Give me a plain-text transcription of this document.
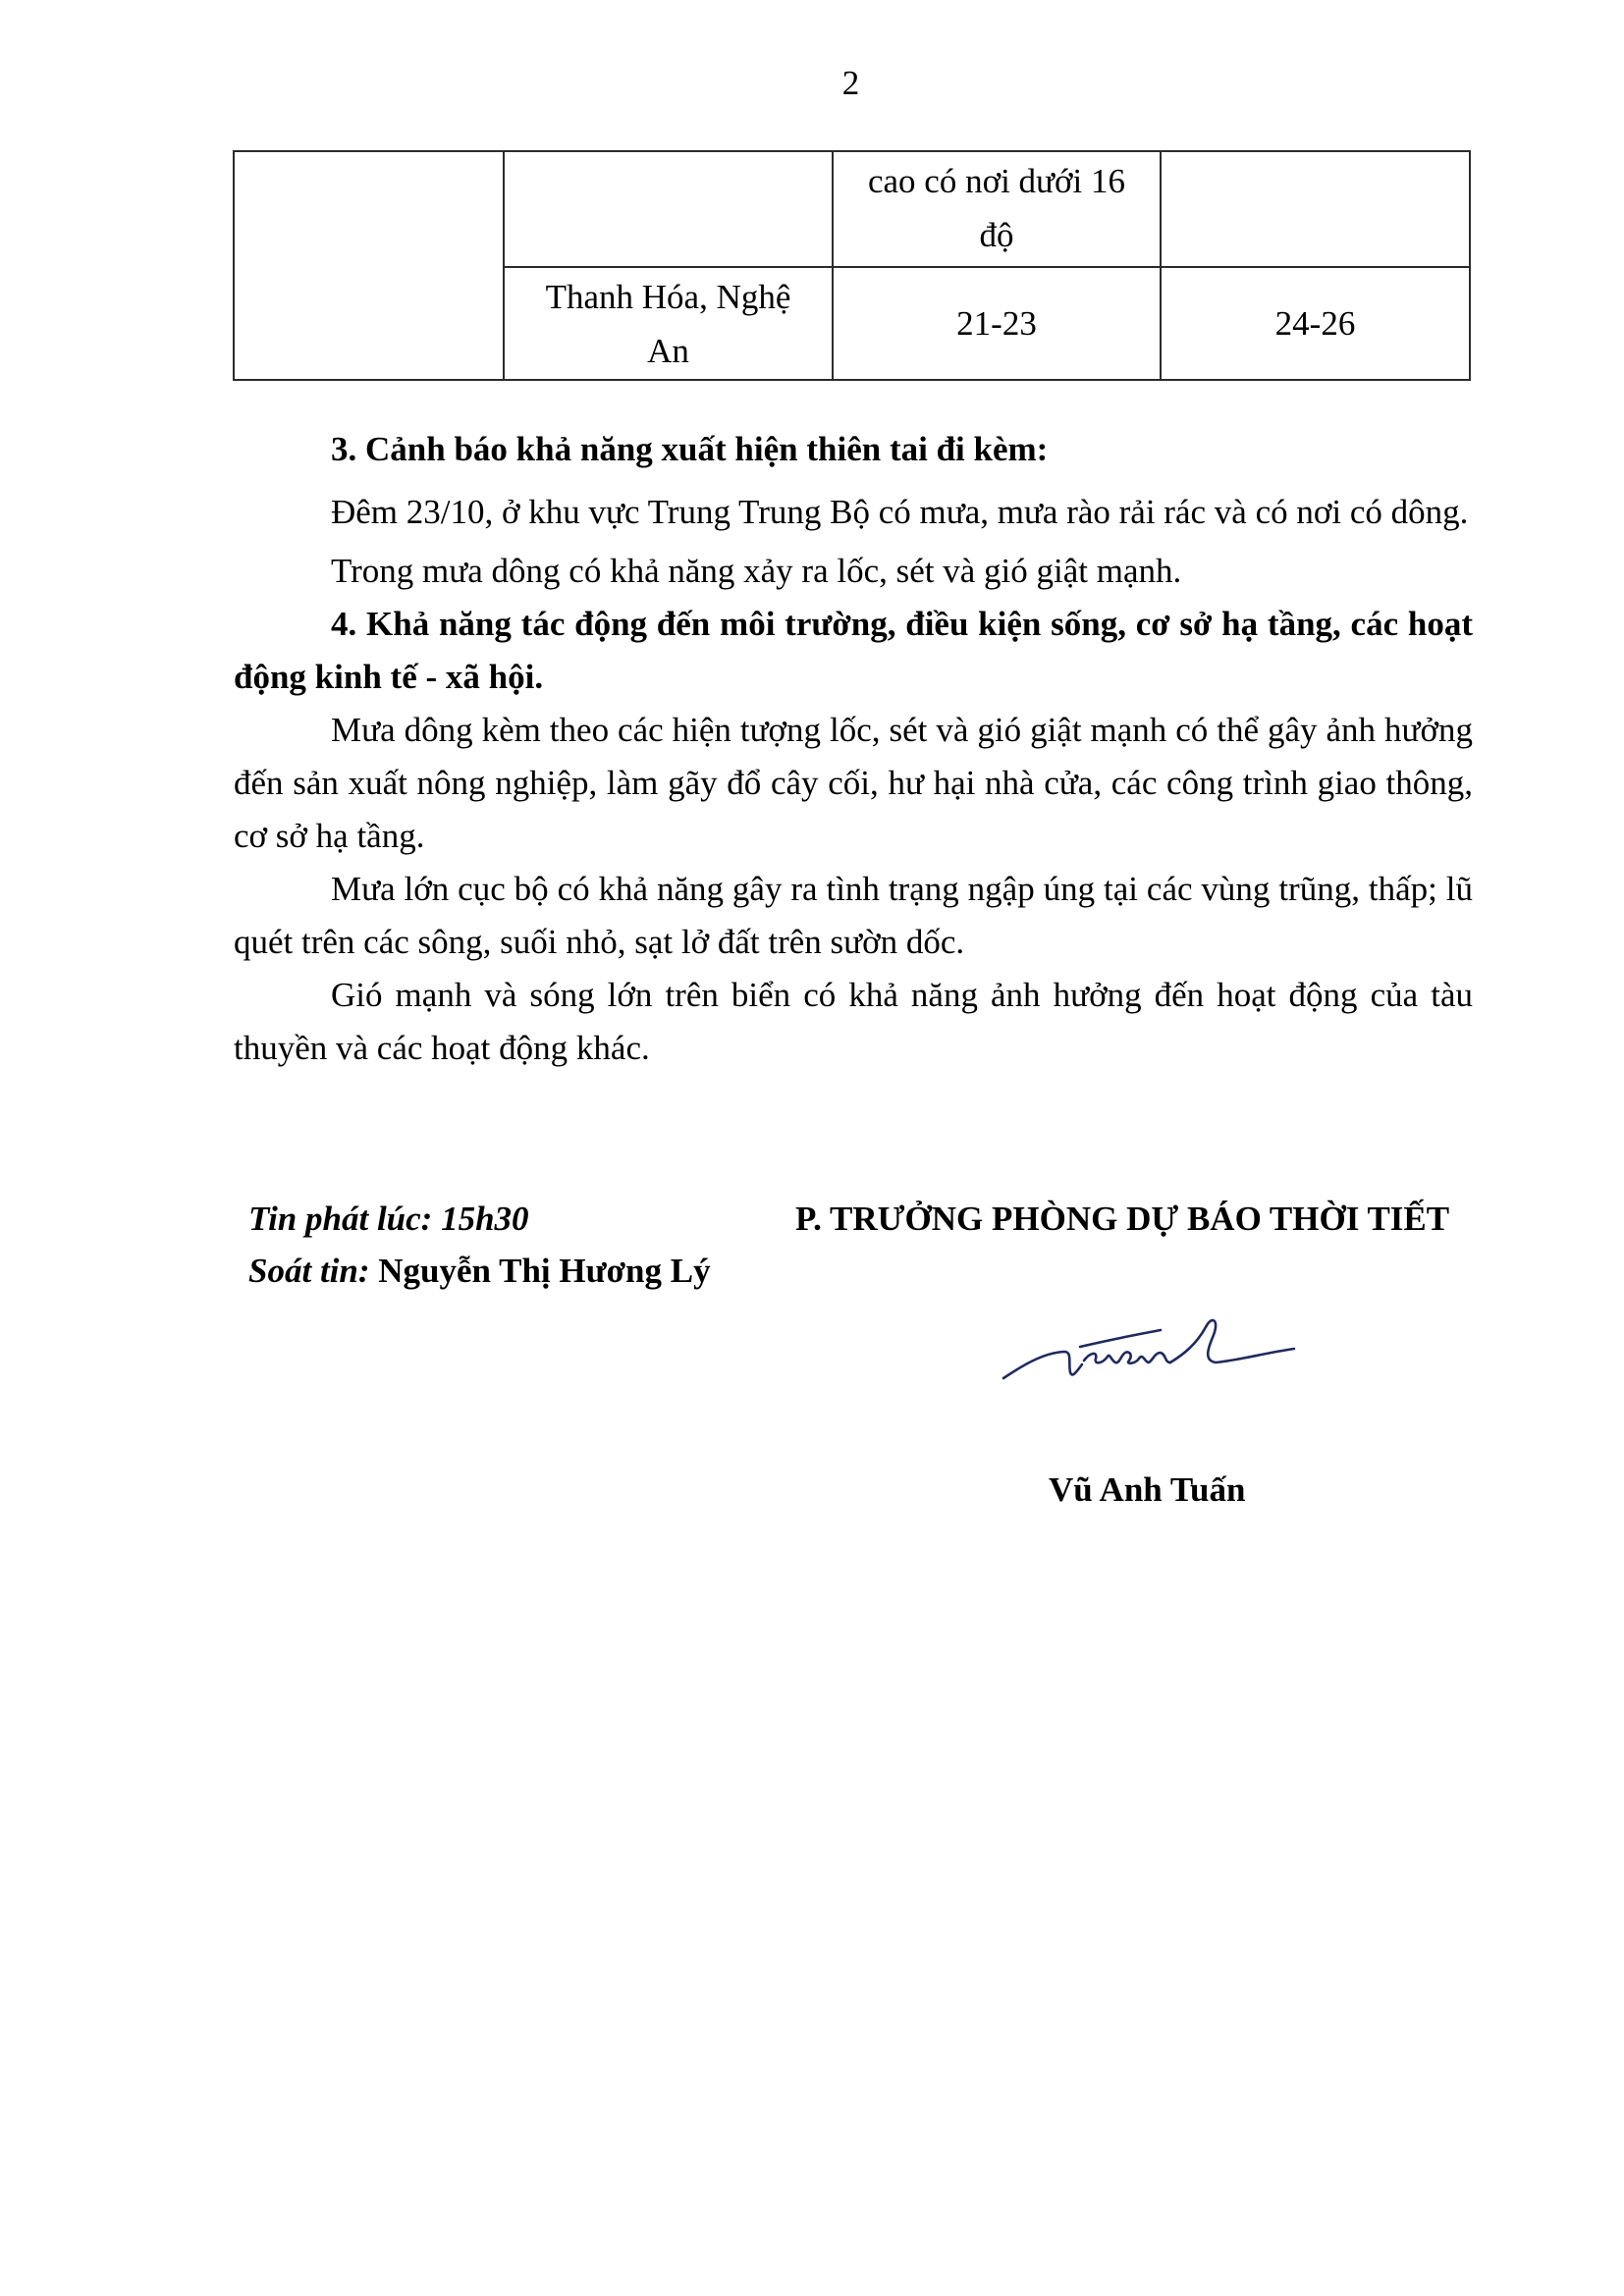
2

		cao có nơi dưới 16
độ	

	Thanh Hóa, Nghệ
An	21-23	24-26

3. Cảnh báo khả năng xuất hiện thiên tai đi kèm:

Đêm 23/10, ở khu vực Trung Trung Bộ có mưa, mưa rào rải rác và có nơi có dông.

Trong mưa dông có khả năng xảy ra lốc, sét và gió giật mạnh.

4. Khả năng tác động đến môi trường, điều kiện sống, cơ sở hạ tầng, các hoạt động kinh tế - xã hội.

Mưa dông kèm theo các hiện tượng lốc, sét và gió giật mạnh có thể gây ảnh hưởng đến sản xuất nông nghiệp, làm gãy đổ cây cối, hư hại nhà cửa, các công trình giao thông, cơ sở hạ tầng.

Mưa lớn cục bộ có khả năng gây ra tình trạng ngập úng tại các vùng trũng, thấp; lũ quét trên các sông, suối nhỏ, sạt lở đất trên sườn dốc.

Gió mạnh và sóng lớn trên biển có khả năng ảnh hưởng đến hoạt động của tàu thuyền và các hoạt động khác.

Tin phát lúc: 15h30
Soát tin: Nguyễn Thị Hương Lý
P. TRƯỞNG PHÒNG DỰ BÁO THỜI TIẾT
Vũ Anh Tuấn
